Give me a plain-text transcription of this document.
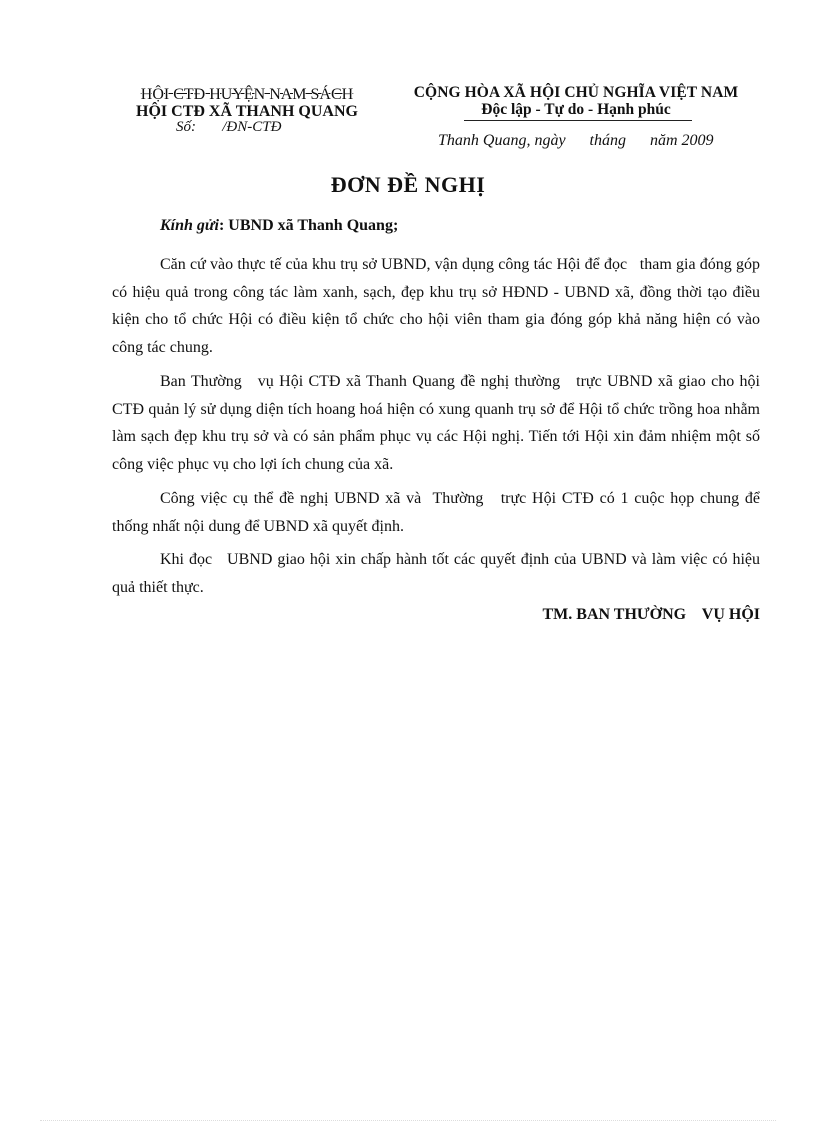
HỘI CTĐ HUYỆN NAM SÁCH
HỘI CTĐ XÃ THANH QUANG
Số:       /ĐN-CTĐ
CỘNG HÒA XÃ HỘI CHỦ NGHĨA VIỆT NAM
Độc lập - Tự do - Hạnh phúc
Thanh Quang, ngày      tháng      năm 2009
ĐƠN ĐỀ NGHỊ
Kính gửi: UBND xã Thanh Quang;

Căn cứ vào thực tế của khu trụ sở UBND, vận dụng công tác Hội để đọc   tham gia đóng góp có hiệu quả trong công tác làm xanh, sạch, đẹp khu trụ sở HĐND - UBND xã, đồng thời tạo điều kiện cho tổ chức Hội có điều kiện tổ chức cho hội viên tham gia đóng góp khả năng hiện có vào công tác chung.

Ban Thường   vụ Hội CTĐ xã Thanh Quang đề nghị thường   trực UBND xã giao cho hội CTĐ quản lý sử dụng diện tích hoang hoá hiện có xung quanh trụ sở để Hội tổ chức trồng hoa nhằm làm sạch đẹp khu trụ sở và có sản phẩm phục vụ các Hội nghị. Tiến tới Hội xin đảm nhiệm một số công việc phục vụ cho lợi ích chung của xã.

Công việc cụ thể đề nghị UBND xã và  Thường   trực Hội CTĐ có 1 cuộc họp chung để thống nhất nội dung để UBND xã quyết định.

Khi đọc   UBND giao hội xin chấp hành tốt các quyết định của UBND và làm việc có hiệu quả thiết thực.

TM. BAN THƯỜNG    VỤ HỘI
